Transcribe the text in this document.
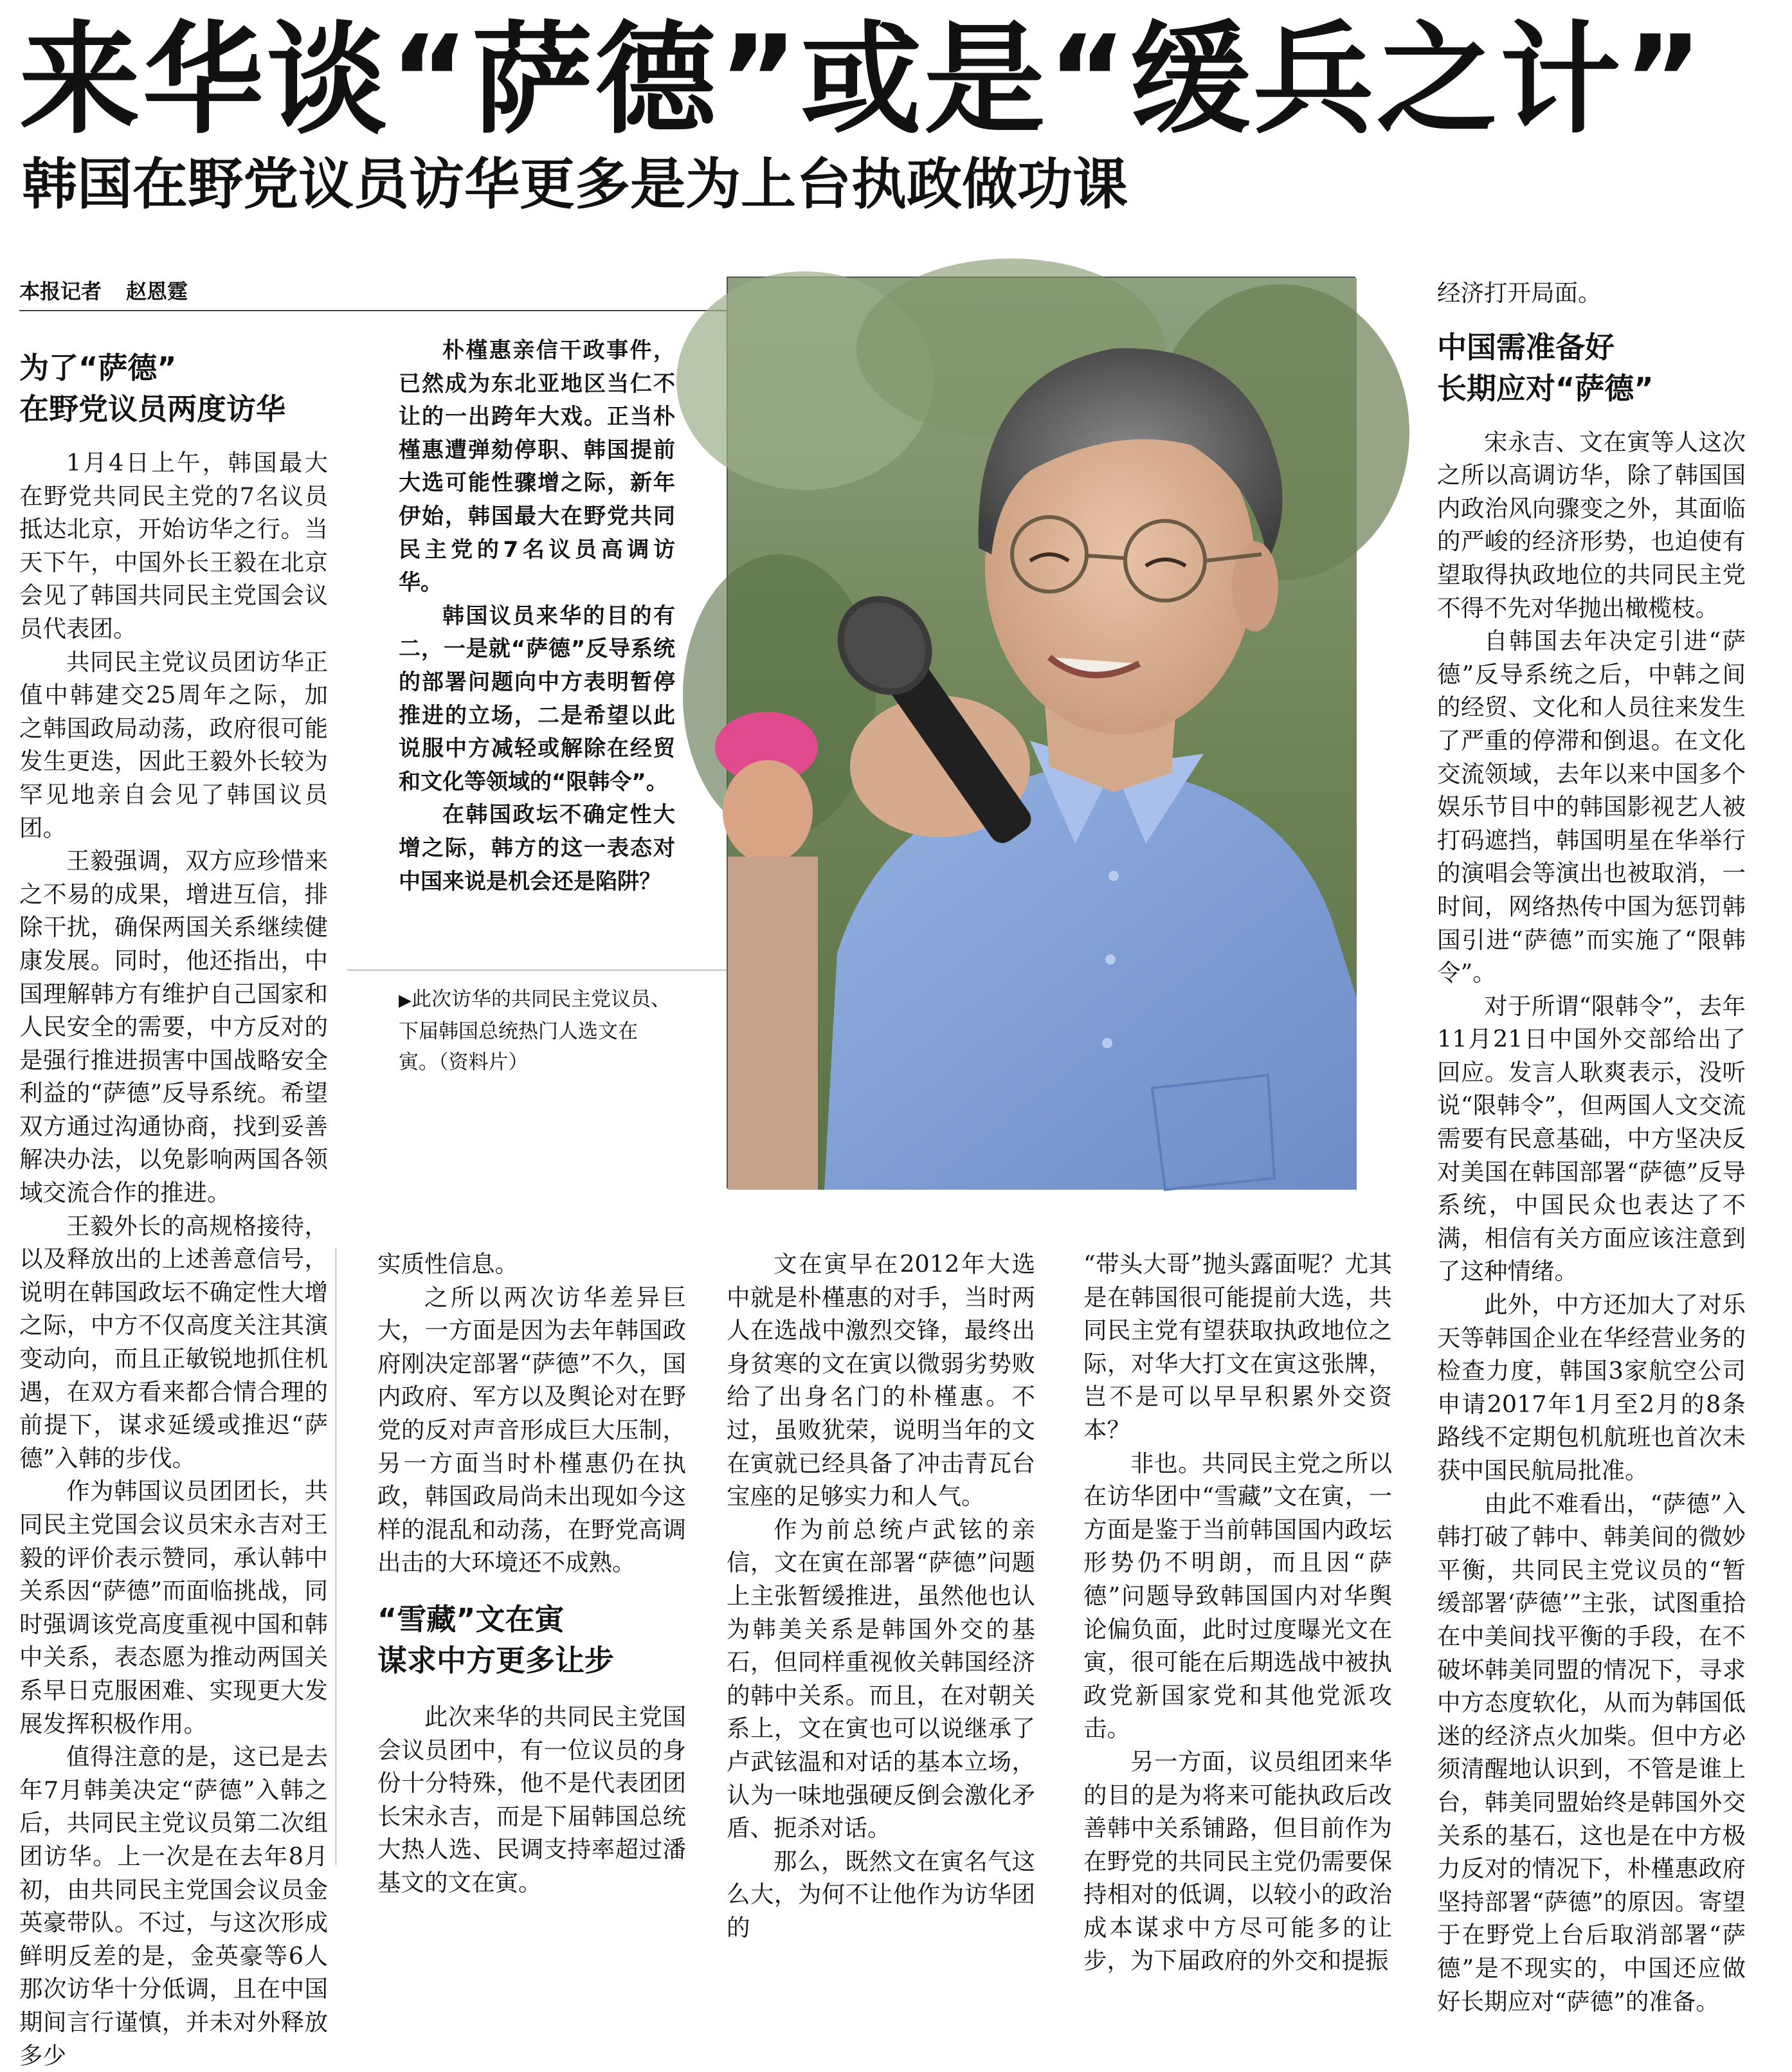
来华谈“萨德”或是“缓兵之计”
韩国在野党议员访华更多是为上台执政做功课
本报记者 赵恩霆
为了“萨德”
在野党议员两度访华

1月4日上午，韩国最大在野党共同民主党的7名议员抵达北京，开始访华之行。当天下午，中国外长王毅在北京会见了韩国共同民主党国会议员代表团。

共同民主党议员团访华正值中韩建交25周年之际，加之韩国政局动荡，政府很可能发生更迭，因此王毅外长较为罕见地亲自会见了韩国议员团。

王毅强调，双方应珍惜来之不易的成果，增进互信，排除干扰，确保两国关系继续健康发展。同时，他还指出，中国理解韩方有维护自己国家和人民安全的需要，中方反对的是强行推进损害中国战略安全利益的“萨德”反导系统。希望双方通过沟通协商，找到妥善解决办法，以免影响两国各领域交流合作的推进。

王毅外长的高规格接待，以及释放出的上述善意信号，说明在韩国政坛不确定性大增之际，中方不仅高度关注其演变动向，而且正敏锐地抓住机遇，在双方看来都合情合理的前提下，谋求延缓或推迟“萨德”入韩的步伐。

作为韩国议员团团长，共同民主党国会议员宋永吉对王毅的评价表示赞同，承认韩中关系因“萨德”而面临挑战，同时强调该党高度重视中国和韩中关系，表态愿为推动两国关系早日克服困难、实现更大发展发挥积极作用。

值得注意的是，这已是去年7月韩美决定“萨德”入韩之后，共同民主党议员第二次组团访华。上一次是在去年8月初，由共同民主党国会议员金英豪带队。不过，与这次形成鲜明反差的是，金英豪等6人那次访华十分低调，且在中国期间言行谨慎，并未对外释放多少

朴槿惠亲信干政事件，已然成为东北亚地区当仁不让的一出跨年大戏。正当朴槿惠遭弹劾停职、韩国提前大选可能性骤增之际，新年伊始，韩国最大在野党共同民主党的7名议员高调访华。

韩国议员来华的目的有二，一是就“萨德”反导系统的部署问题向中方表明暂停推进的立场，二是希望以此说服中方减轻或解除在经贸和文化等领域的“限韩令”。

在韩国政坛不确定性大增之际，韩方的这一表态对中国来说是机会还是陷阱？

▶此次访华的共同民主党议员、下届韩国总统热门人选文在寅。（资料片）

实质性信息。

之所以两次访华差异巨大，一方面是因为去年韩国政府刚决定部署“萨德”不久，国内政府、军方以及舆论对在野党的反对声音形成巨大压制，另一方面当时朴槿惠仍在执政，韩国政局尚未出现如今这样的混乱和动荡，在野党高调出击的大环境还不成熟。

“雪藏”文在寅
谋求中方更多让步

此次来华的共同民主党国会议员团中，有一位议员的身份十分特殊，他不是代表团团长宋永吉，而是下届韩国总统大热人选、民调支持率超过潘基文的文在寅。

文在寅早在2012年大选中就是朴槿惠的对手，当时两人在选战中激烈交锋，最终出身贫寒的文在寅以微弱劣势败给了出身名门的朴槿惠。不过，虽败犹荣，说明当年的文在寅就已经具备了冲击青瓦台宝座的足够实力和人气。

作为前总统卢武铉的亲信，文在寅在部署“萨德”问题上主张暂缓推进，虽然他也认为韩美关系是韩国外交的基石，但同样重视攸关韩国经济的韩中关系。而且，在对朝关系上，文在寅也可以说继承了卢武铉温和对话的基本立场，认为一味地强硬反倒会激化矛盾、扼杀对话。

那么，既然文在寅名气这么大，为何不让他作为访华团的

“带头大哥”抛头露面呢？尤其是在韩国很可能提前大选，共同民主党有望获取执政地位之际，对华大打文在寅这张牌，岂不是可以早早积累外交资本？

非也。共同民主党之所以在访华团中“雪藏”文在寅，一方面是鉴于当前韩国国内政坛形势仍不明朗，而且因“萨德”问题导致韩国国内对华舆论偏负面，此时过度曝光文在寅，很可能在后期选战中被执政党新国家党和其他党派攻击。

另一方面，议员组团来华的目的是为将来可能执政后改善韩中关系铺路，但目前作为在野党的共同民主党仍需要保持相对的低调，以较小的政治成本谋求中方尽可能多的让步，为下届政府的外交和提振

经济打开局面。

中国需准备好
长期应对“萨德”

宋永吉、文在寅等人这次之所以高调访华，除了韩国国内政治风向骤变之外，其面临的严峻的经济形势，也迫使有望取得执政地位的共同民主党不得不先对华抛出橄榄枝。

自韩国去年决定引进“萨德”反导系统之后，中韩之间的经贸、文化和人员往来发生了严重的停滞和倒退。在文化交流领域，去年以来中国多个娱乐节目中的韩国影视艺人被打码遮挡，韩国明星在华举行的演唱会等演出也被取消，一时间，网络热传中国为惩罚韩国引进“萨德”而实施了“限韩令”。

对于所谓“限韩令”，去年11月21日中国外交部给出了回应。发言人耿爽表示，没听说“限韩令”，但两国人文交流需要有民意基础，中方坚决反对美国在韩国部署“萨德”反导系统，中国民众也表达了不满，相信有关方面应该注意到了这种情绪。

此外，中方还加大了对乐天等韩国企业在华经营业务的检查力度，韩国3家航空公司申请2017年1月至2月的8条路线不定期包机航班也首次未获中国民航局批准。

由此不难看出，“萨德”入韩打破了韩中、韩美间的微妙平衡，共同民主党议员的“暂缓部署‘萨德’”主张，试图重拾在中美间找平衡的手段，在不破坏韩美同盟的情况下，寻求中方态度软化，从而为韩国低迷的经济点火加柴。但中方必须清醒地认识到，不管是谁上台，韩美同盟始终是韩国外交关系的基石，这也是在中方极力反对的情况下，朴槿惠政府坚持部署“萨德”的原因。寄望于在野党上台后取消部署“萨德”是不现实的，中国还应做好长期应对“萨德”的准备。
